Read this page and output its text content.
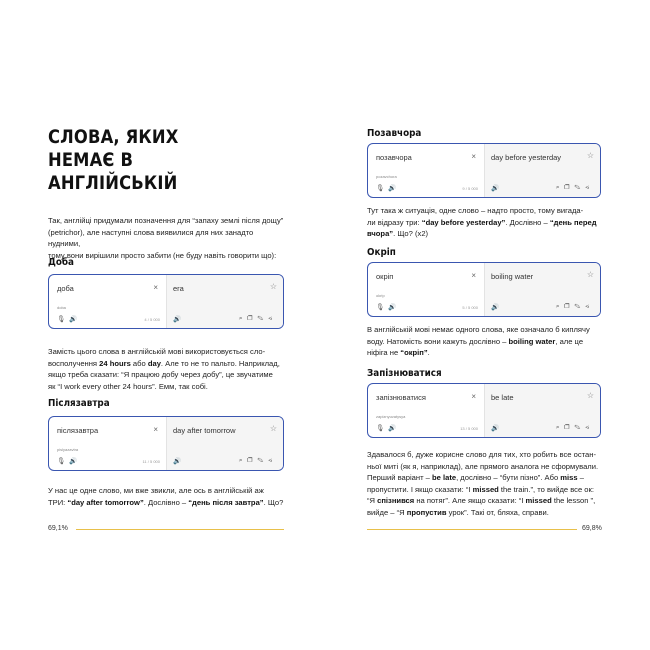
СЛОВА, ЯКИХ НЕМАЄ В АНГЛІЙСЬКІЙ
Так, англійці придумали позначення для “запаху землі після дощу”
(petrichor), але наступні слова виявилися для них занадто нудними,
тому вони вирішили просто забити (не буду навіть говорити що):
Доба
доба	×
doba
🎙🔊	4 / 5 000
era	☆
🔊	⌕❐✎⋖
Замість цього слова в англійській мові використовується сло-
восполучення 24 hours або day. Але то не то пальто. Наприклад,
якщо треба сказати: “Я працюю добу через добу”, це звучатиме
як “I work every other 24 hours”. Емм, так собі.
Післязавтра
післязавтра	×
pislyazavtra
🎙🔊	11 / 5 000
day after tomorrow	☆
🔊	⌕❐✎⋖
У нас це одне слово, ми вже звикли, але ось в англійській аж
ТРИ: “day after tomorrow”. Дослівно – “день після завтра”. Що?
69,1%
Позавчора
позавчора	×
pozavchora
🎙🔊	9 / 5 000
day before yesterday	☆
🔊	⌕❐✎⋖
Тут така ж ситуація, одне слово – надто просто, тому вигада-
ли відразу три: “day before yesterday”. Дослівно – “день перед
вчора”. Що? (x2)
Окріп
окріп	×
okrip
🎙🔊	5 / 5 000
boiling water	☆
🔊	⌕❐✎⋖
В англійській мові немає одного слова, яке означало б киплячу
воду. Натомість вони кажуть дослівно – boiling water, але це
ніфіга не “окріп”.
Запізнюватися
запізнюватися	×
zapiznyuvatysya
🎙🔊	13 / 5 000
be late	☆
🔊	⌕❐✎⋖
Здавалося б, дуже корисне слово для тих, хто робить все остан-
ньої миті (як я, наприклад), але прямого аналога не сформували.
Перший варіант – be late, дослівно – “бути пізно”. Або miss –
пропустити. І якщо сказати: “I missed the train.”, то вийде все ок:
“Я спізнився на потяг”. Але якщо сказати: “I missed the lesson ”,
вийде – “Я пропустив урок”. Такі от, бляха, справи.
69,8%
